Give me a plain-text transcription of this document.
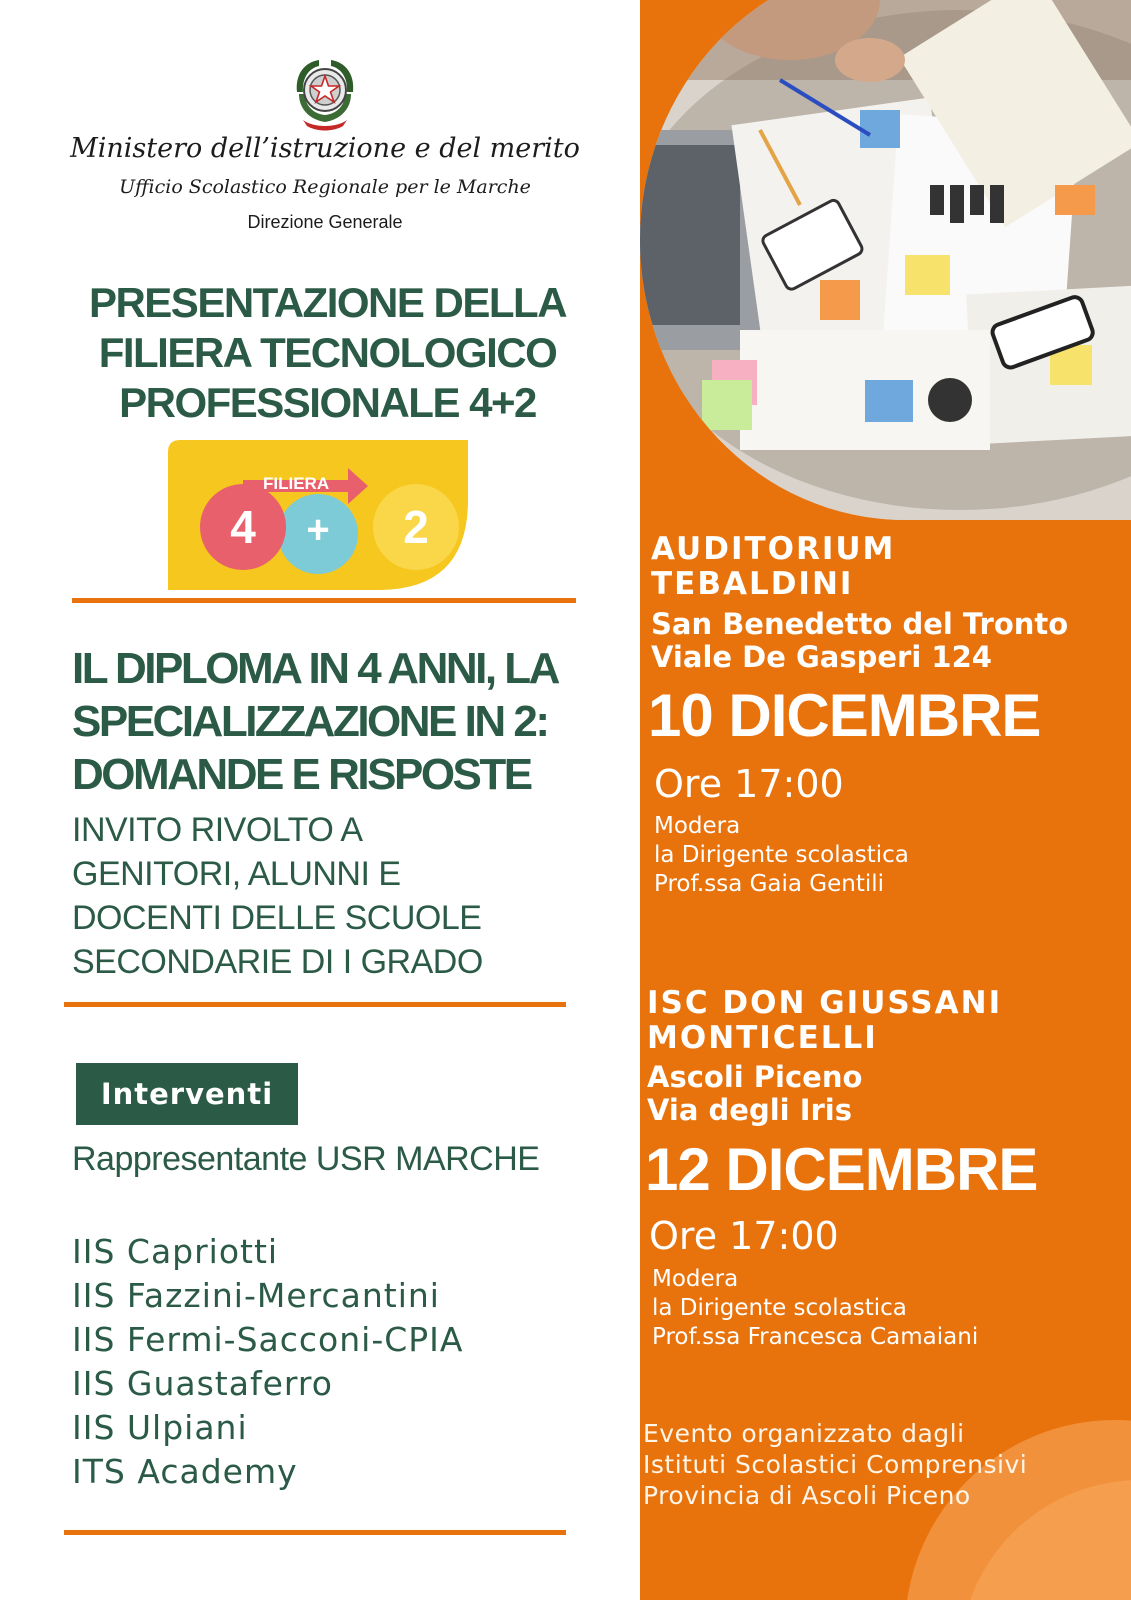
AUDITORIUM
TEBALDINI
San Benedetto del Tronto
Viale De Gasperi 124
10 DICEMBRE
Ore 17:00
Modera
la Dirigente scolastica
Prof.ssa Gaia Gentili
ISC DON GIUSSANI
MONTICELLI
Ascoli Piceno
Via degli Iris
12 DICEMBRE
Ore 17:00
Modera
la Dirigente scolastica
Prof.ssa Francesca Camaiani
Evento organizzato dagli
Istituti Scolastici Comprensivi
Provincia di Ascoli Piceno
Ministero dell’istruzione e del merito
Ufficio Scolastico Regionale per le Marche
Direzione Generale
PRESENTAZIONE DELLA
FILIERA TECNOLOGICO
PROFESSIONALE 4+2
FILIERA
4 + 2
IL DIPLOMA IN 4 ANNI, LA
SPECIALIZZAZIONE IN 2:
DOMANDE E RISPOSTE
INVITO RIVOLTO A
GENITORI, ALUNNI E
DOCENTI DELLE SCUOLE
SECONDARIE DI I GRADO
Interventi
Rappresentante USR MARCHE
IIS Capriotti
IIS Fazzini-Mercantini
IIS Fermi-Sacconi-CPIA
IIS Guastaferro
IIS Ulpiani
ITS Academy
